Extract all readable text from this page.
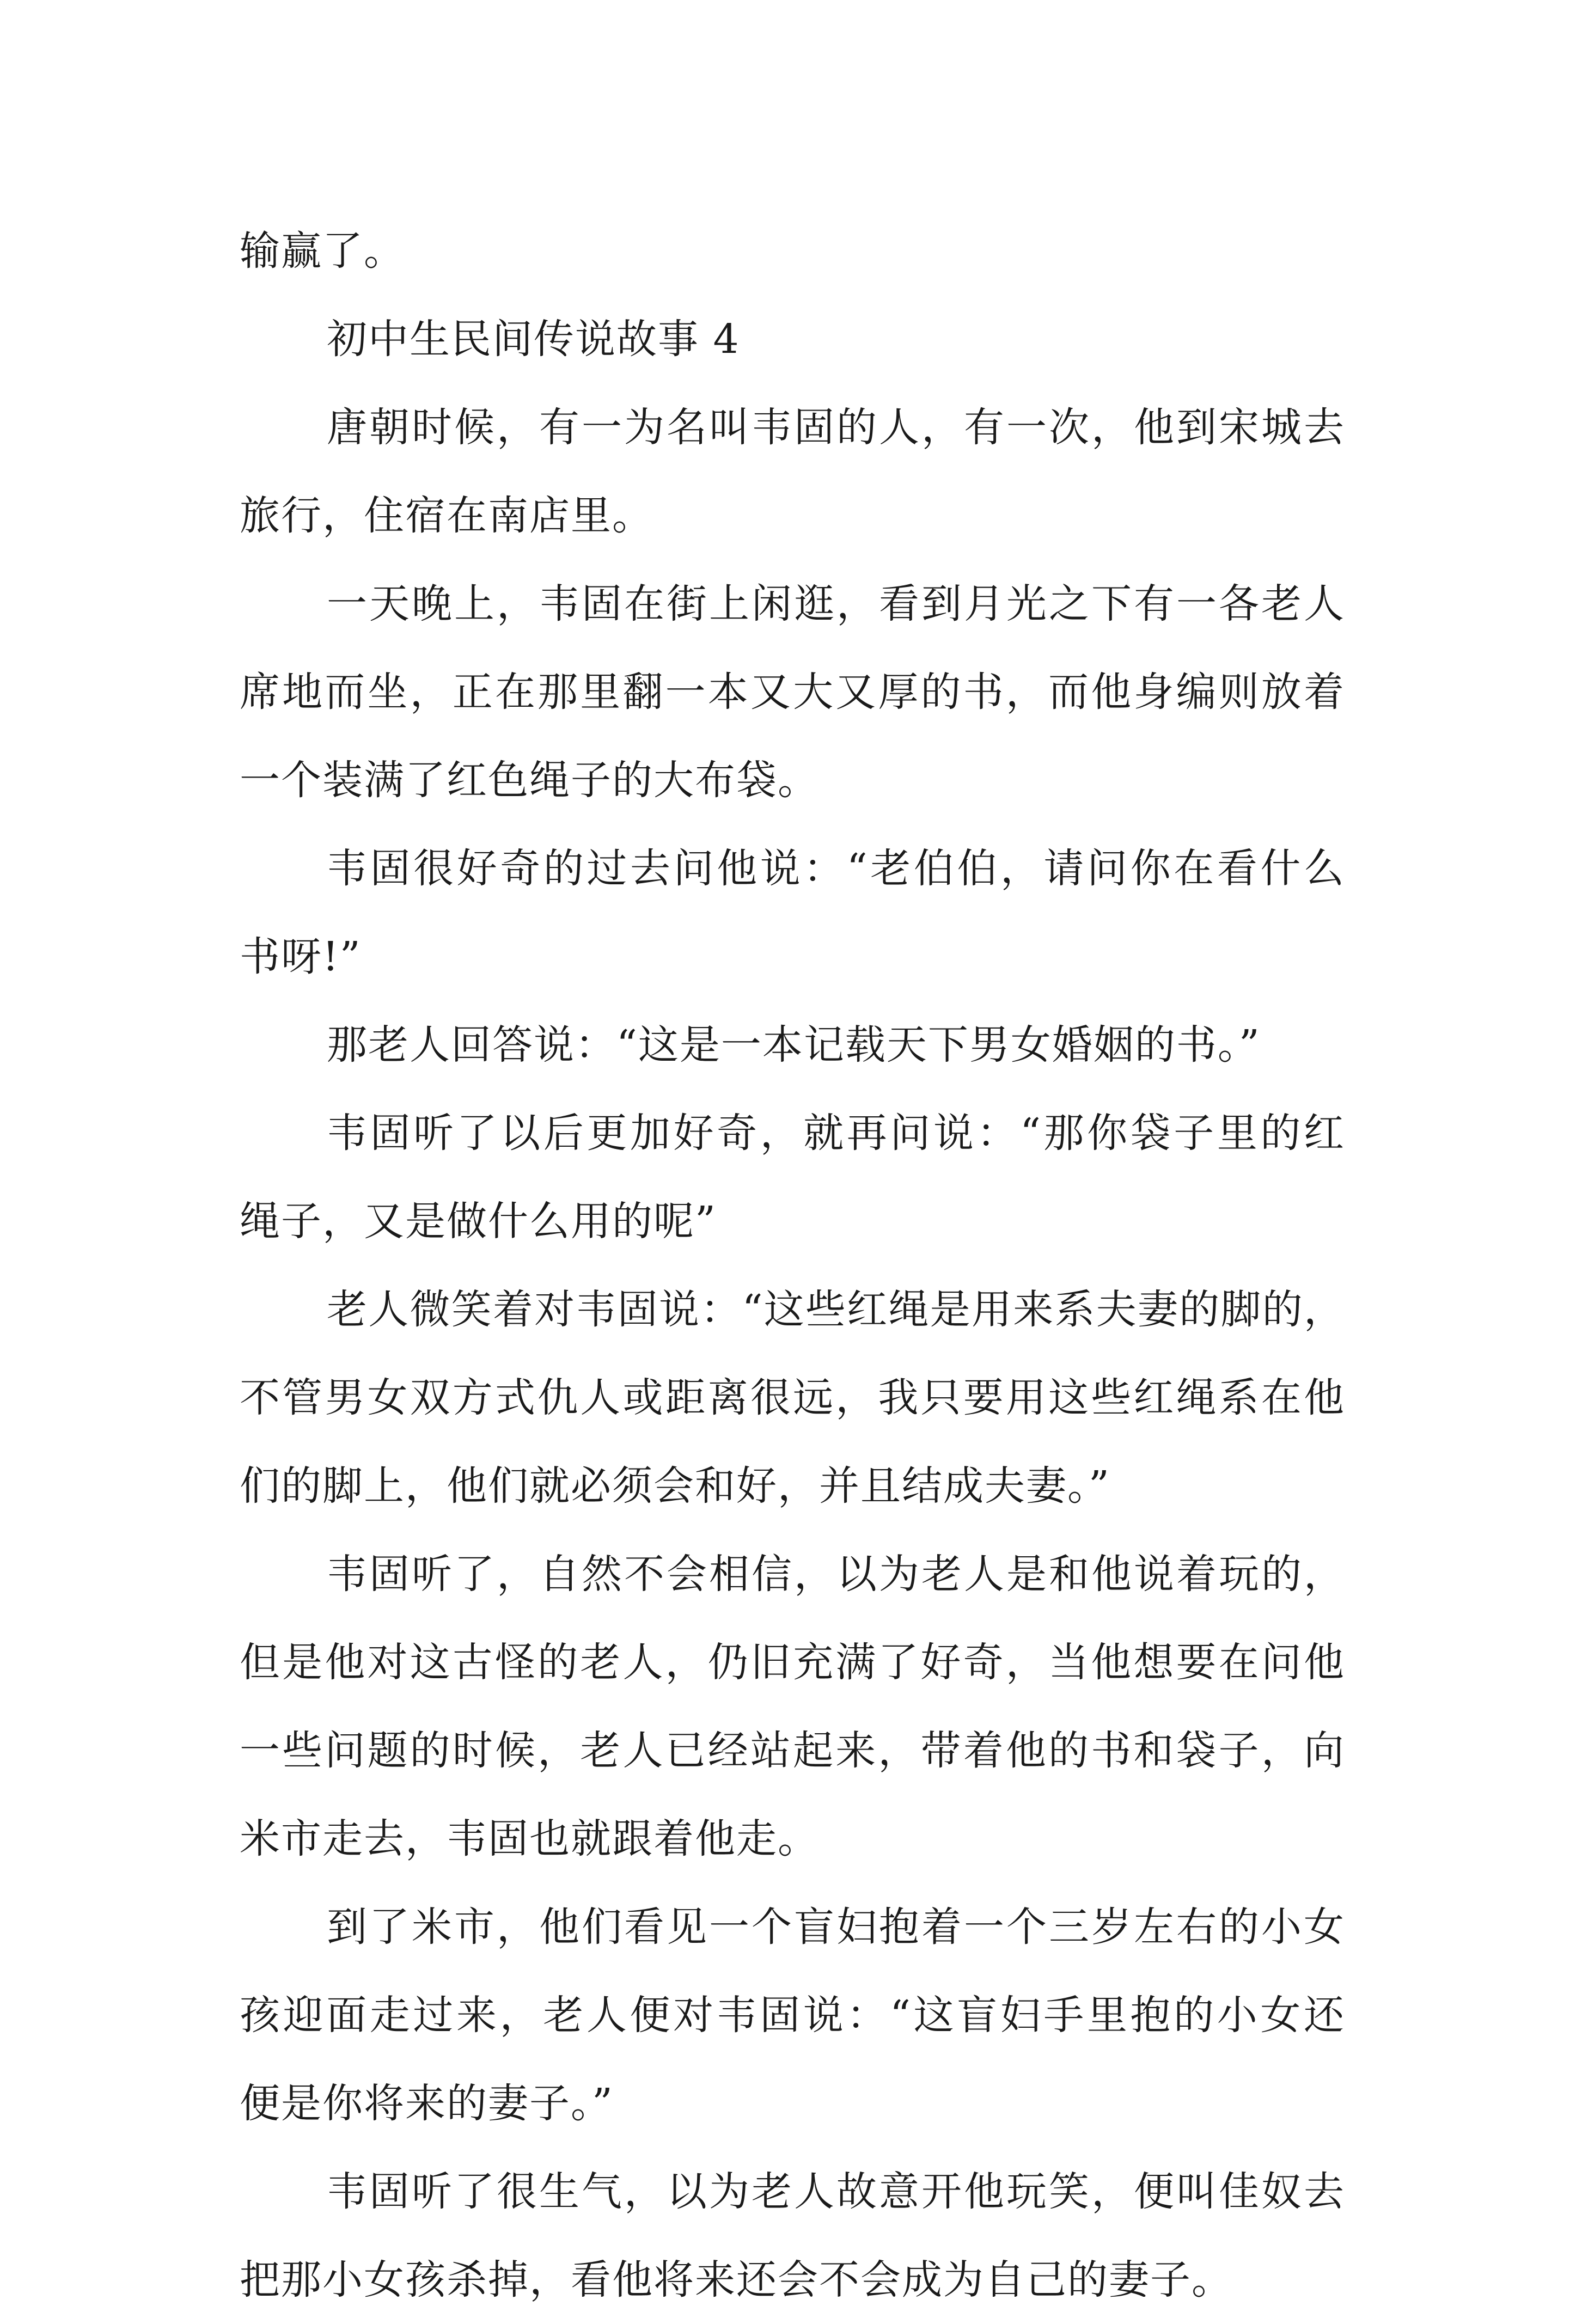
输赢了。
初中生民间传说故事 4
唐朝时候，有一为名叫韦固的人，有一次，他到宋城去
旅行，住宿在南店里。
一天晚上，韦固在街上闲逛，看到月光之下有一各老人
席地而坐，正在那里翻一本又大又厚的书，而他身编则放着
一个装满了红色绳子的大布袋。
韦固很好奇的过去问他说：“老伯伯，请问你在看什么
书呀!”
那老人回答说：“这是一本记载天下男女婚姻的书。”
韦固听了以后更加好奇，就再问说：“那你袋子里的红
绳子，又是做什么用的呢”
老人微笑着对韦固说：“这些红绳是用来系夫妻的脚的，
不管男女双方式仇人或距离很远，我只要用这些红绳系在他
们的脚上，他们就必须会和好，并且结成夫妻。”
韦固听了，自然不会相信，以为老人是和他说着玩的，
但是他对这古怪的老人，仍旧充满了好奇，当他想要在问他
一些问题的时候，老人已经站起来，带着他的书和袋子，向
米市走去，韦固也就跟着他走。
到了米市，他们看见一个盲妇抱着一个三岁左右的小女
孩迎面走过来，老人便对韦固说：“这盲妇手里抱的小女还
便是你将来的妻子。”
韦固听了很生气，以为老人故意开他玩笑，便叫佳奴去
把那小女孩杀掉，看他将来还会不会成为自己的妻子。
